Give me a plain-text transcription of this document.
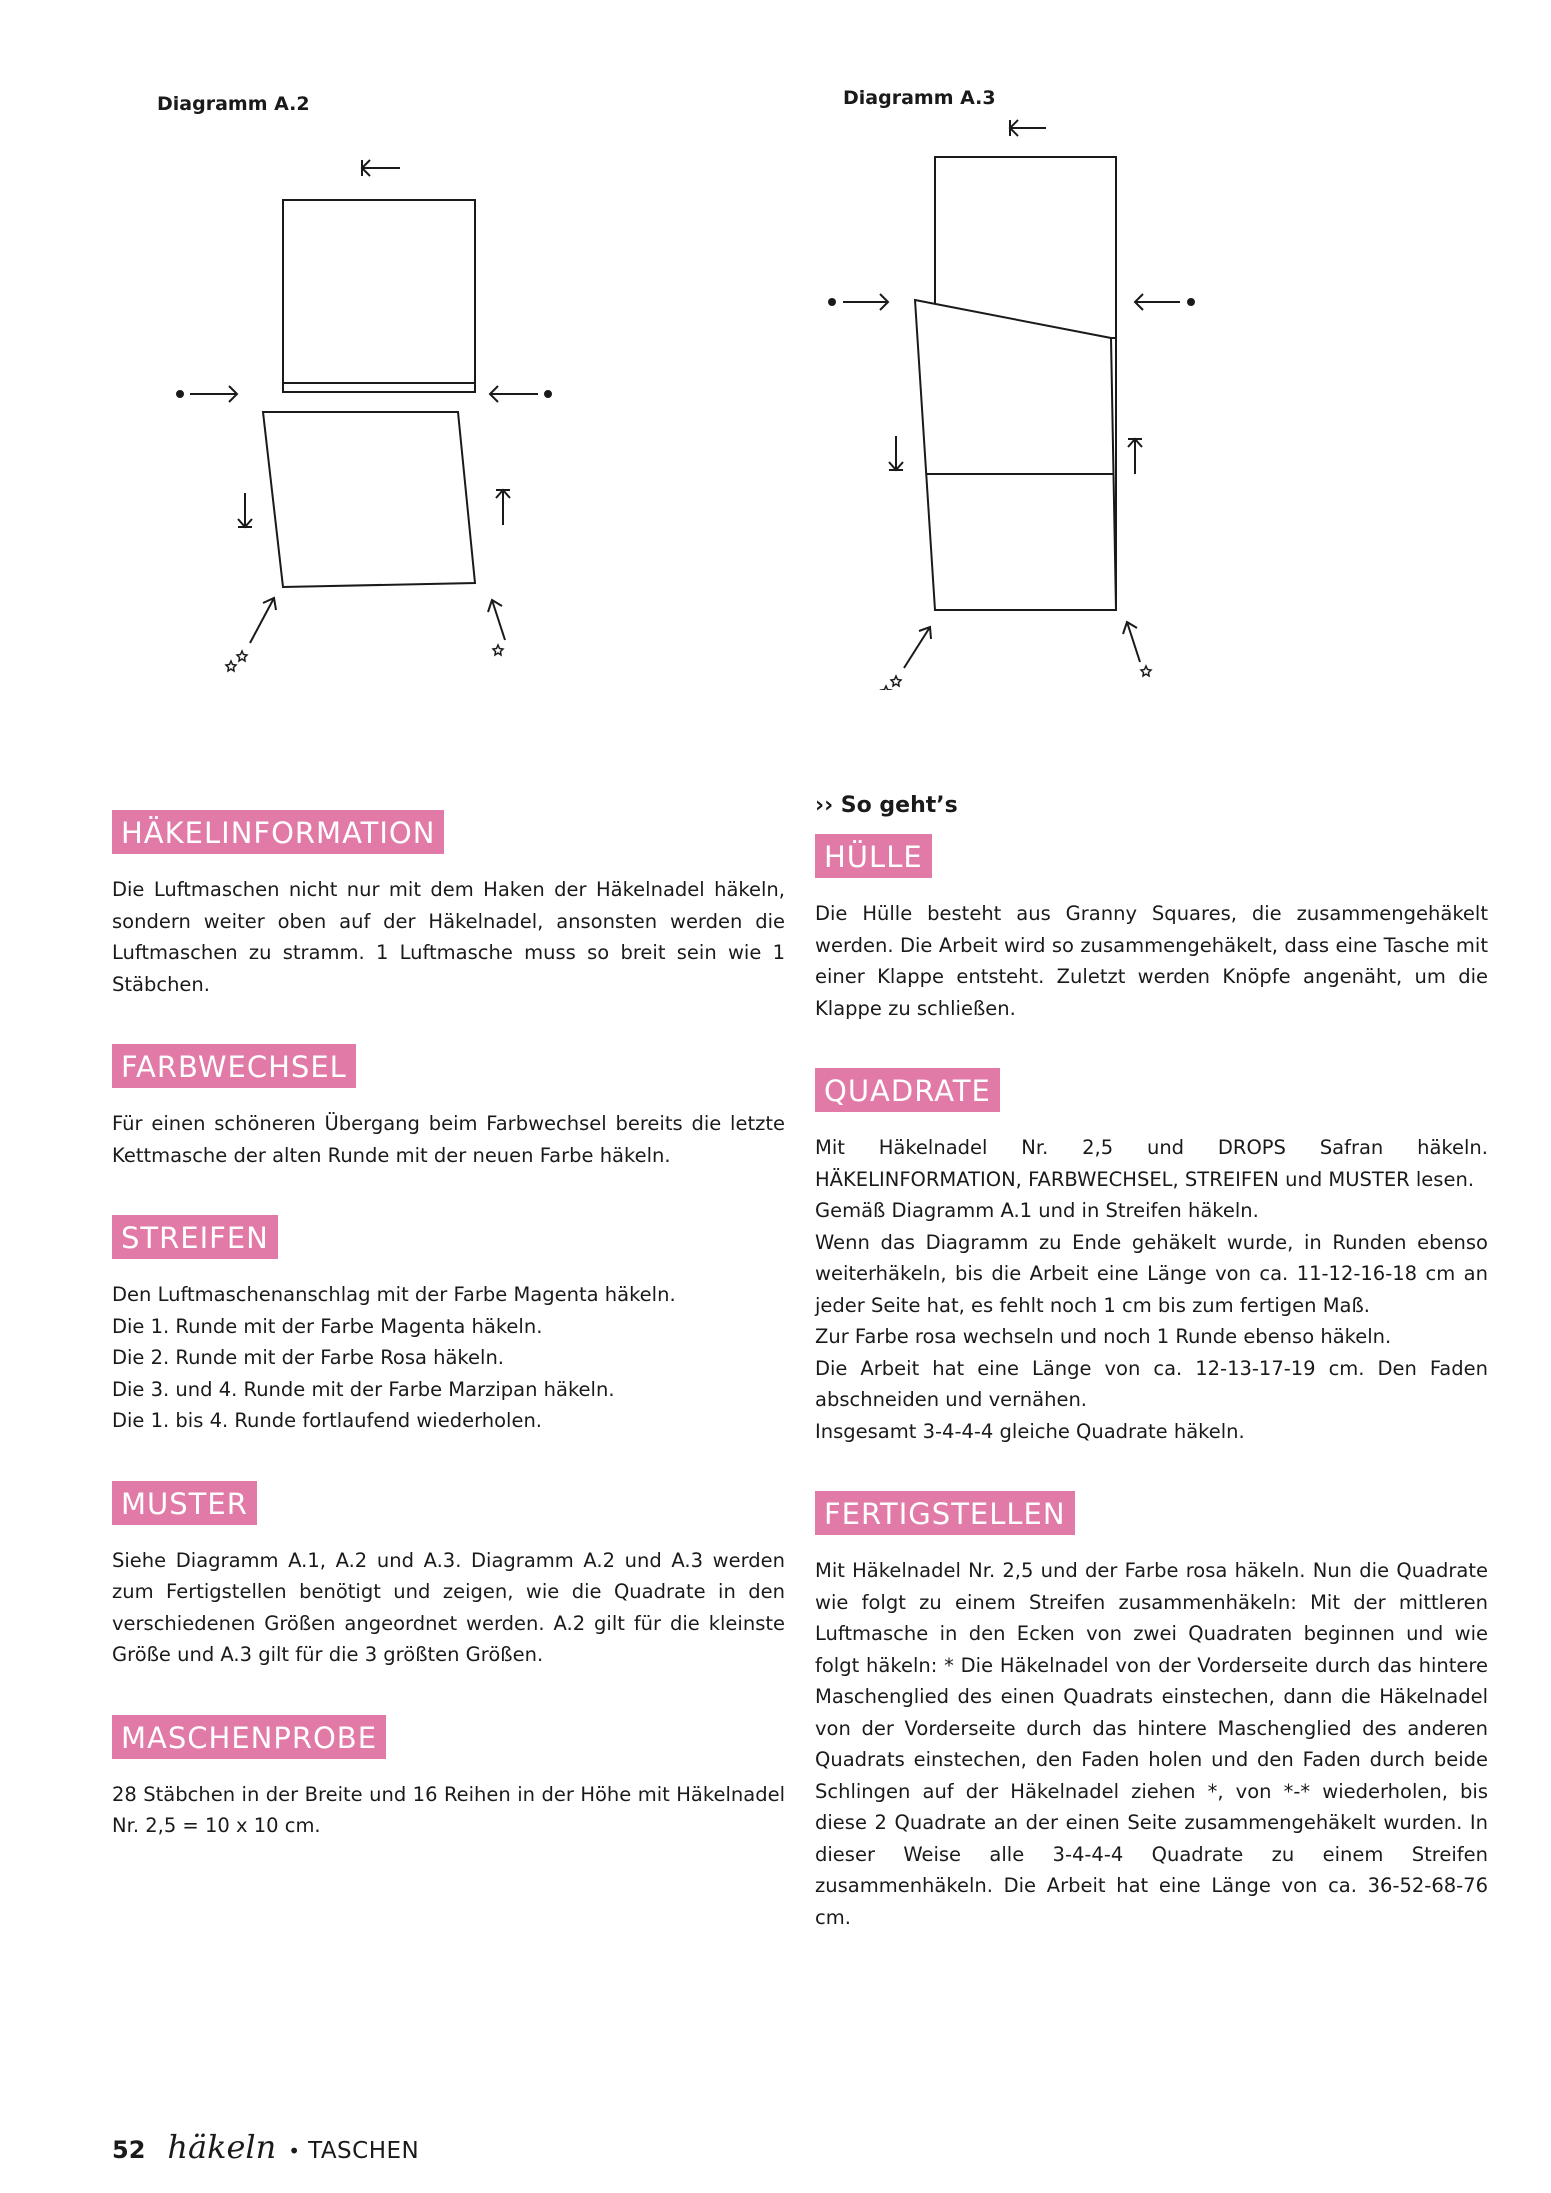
Diagramm A.2	Diagramm A.3
HÄKELINFORMATION
Die Luftmaschen nicht nur mit dem Haken der Häkelnadel häkeln, sondern weiter oben auf der Häkelnadel, ansonsten werden die Luftmaschen zu stramm. 1 Luftmasche muss so breit sein wie 1 Stäbchen.
FARBWECHSEL
Für einen schöneren Übergang beim Farbwechsel bereits die letzte Kettmasche der alten Runde mit der neuen Farbe häkeln.
STREIFEN
Den Luftmaschenanschlag mit der Farbe Magenta häkeln.
Die 1. Runde mit der Farbe Magenta häkeln.
Die 2. Runde mit der Farbe Rosa häkeln.
Die 3. und 4. Runde mit der Farbe Marzipan häkeln.
Die 1. bis 4. Runde fortlaufend wiederholen.
MUSTER
Siehe Diagramm A.1, A.2 und A.3. Diagramm A.2 und A.3 werden zum Fertigstellen benötigt und zeigen, wie die Quadrate in den verschiedenen Größen angeordnet werden. A.2 gilt für die kleinste Größe und A.3 gilt für die 3 größten Größen.
MASCHENPROBE
28 Stäbchen in der Breite und 16 Reihen in der Höhe mit Häkelnadel Nr. 2,5 = 10 x 10 cm.
›› So geht’s
HÜLLE
Die Hülle besteht aus Granny Squares, die zusammengehäkelt werden. Die Arbeit wird so zusammengehäkelt, dass eine Tasche mit einer Klappe entsteht. Zuletzt werden Knöpfe angenäht, um die Klappe zu schließen.
QUADRATE
Mit Häkelnadel Nr. 2,5 und DROPS Safran häkeln. HÄKELINFORMATION, FARBWECHSEL, STREIFEN und MUSTER lesen.
Gemäß Diagramm A.1 und in Streifen häkeln.
Wenn das Diagramm zu Ende gehäkelt wurde, in Runden ebenso weiterhäkeln, bis die Arbeit eine Länge von ca. 11-12-16-18 cm an jeder Seite hat, es fehlt noch 1 cm bis zum fertigen Maß.
Zur Farbe rosa wechseln und noch 1 Runde ebenso häkeln.
Die Arbeit hat eine Länge von ca. 12-13-17-19 cm. Den Faden abschneiden und vernähen.
Insgesamt 3-4-4-4 gleiche Quadrate häkeln.
FERTIGSTELLEN
Mit Häkelnadel Nr. 2,5 und der Farbe rosa häkeln. Nun die Quadrate wie folgt zu einem Streifen zusammenhäkeln: Mit der mittleren Luftmasche in den Ecken von zwei Quadraten beginnen und wie folgt häkeln: * Die Häkelnadel von der Vorderseite durch das hintere Maschenglied des einen Quadrats einstechen, dann die Häkelnadel von der Vorderseite durch das hintere Maschenglied des anderen Quadrats einstechen, den Faden holen und den Faden durch beide Schlingen auf der Häkelnadel ziehen *, von *-* wiederholen, bis diese 2 Quadrate an der einen Seite zusammengehäkelt wurden. In dieser Weise alle 3-4-4-4 Quadrate zu einem Streifen zusammenhäkeln. Die Arbeit hat eine Länge von ca. 36-52-68-76 cm.
52 häkeln • TASCHEN
